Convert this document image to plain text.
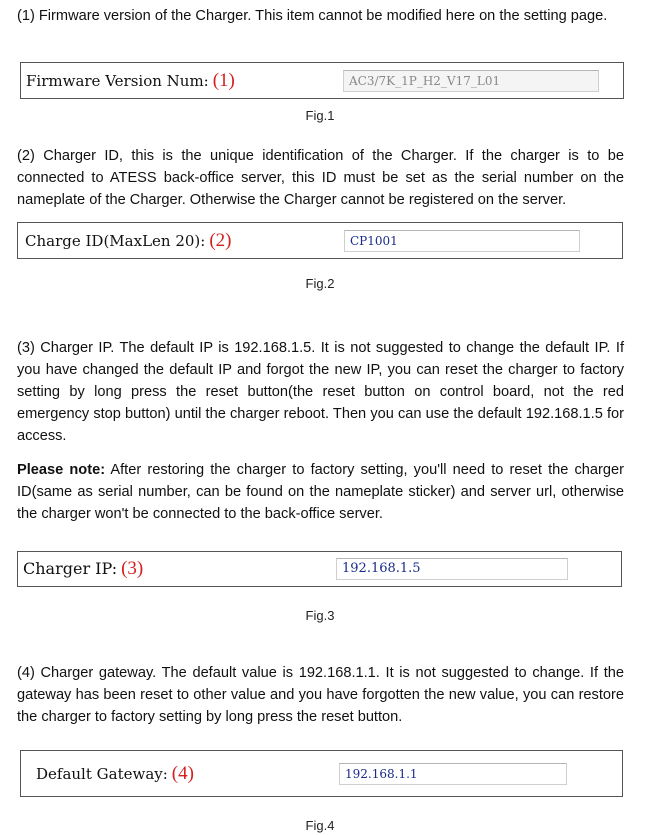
(1) Firmware version of the Charger. This item cannot be modified here on the setting page.

Firmware Version Num: (1)	AC3/7K_1P_H2_V17_L01
Fig.1

(2) Charger ID, this is the unique identification of the Charger. If the charger is to be connected to ATESS back-office server, this ID must be set as the serial number on the nameplate of the Charger. Otherwise the Charger cannot be registered on the server.

Charge ID(MaxLen 20): (2)	CP1001
Fig.2

(3) Charger IP. The default IP is 192.168.1.5. It is not suggested to change the default IP. If you have changed the default IP and forgot the new IP, you can reset the charger to factory setting by long press the reset button(the reset button on control board, not the red emergency stop button) until the charger reboot. Then you can use the default 192.168.1.5 for access.

Please note: After restoring the charger to factory setting, you'll need to reset the charger ID(same as serial number, can be found on the nameplate sticker) and server url, otherwise the charger won't be connected to the back-office server.

Charger IP: (3)	192.168.1.5
Fig.3

(4) Charger gateway. The default value is 192.168.1.1. It is not suggested to change. If the gateway has been reset to other value and you have forgotten the new value, you can restore the charger to factory setting by long press the reset button.

Default Gateway: (4)	192.168.1.1
Fig.4
